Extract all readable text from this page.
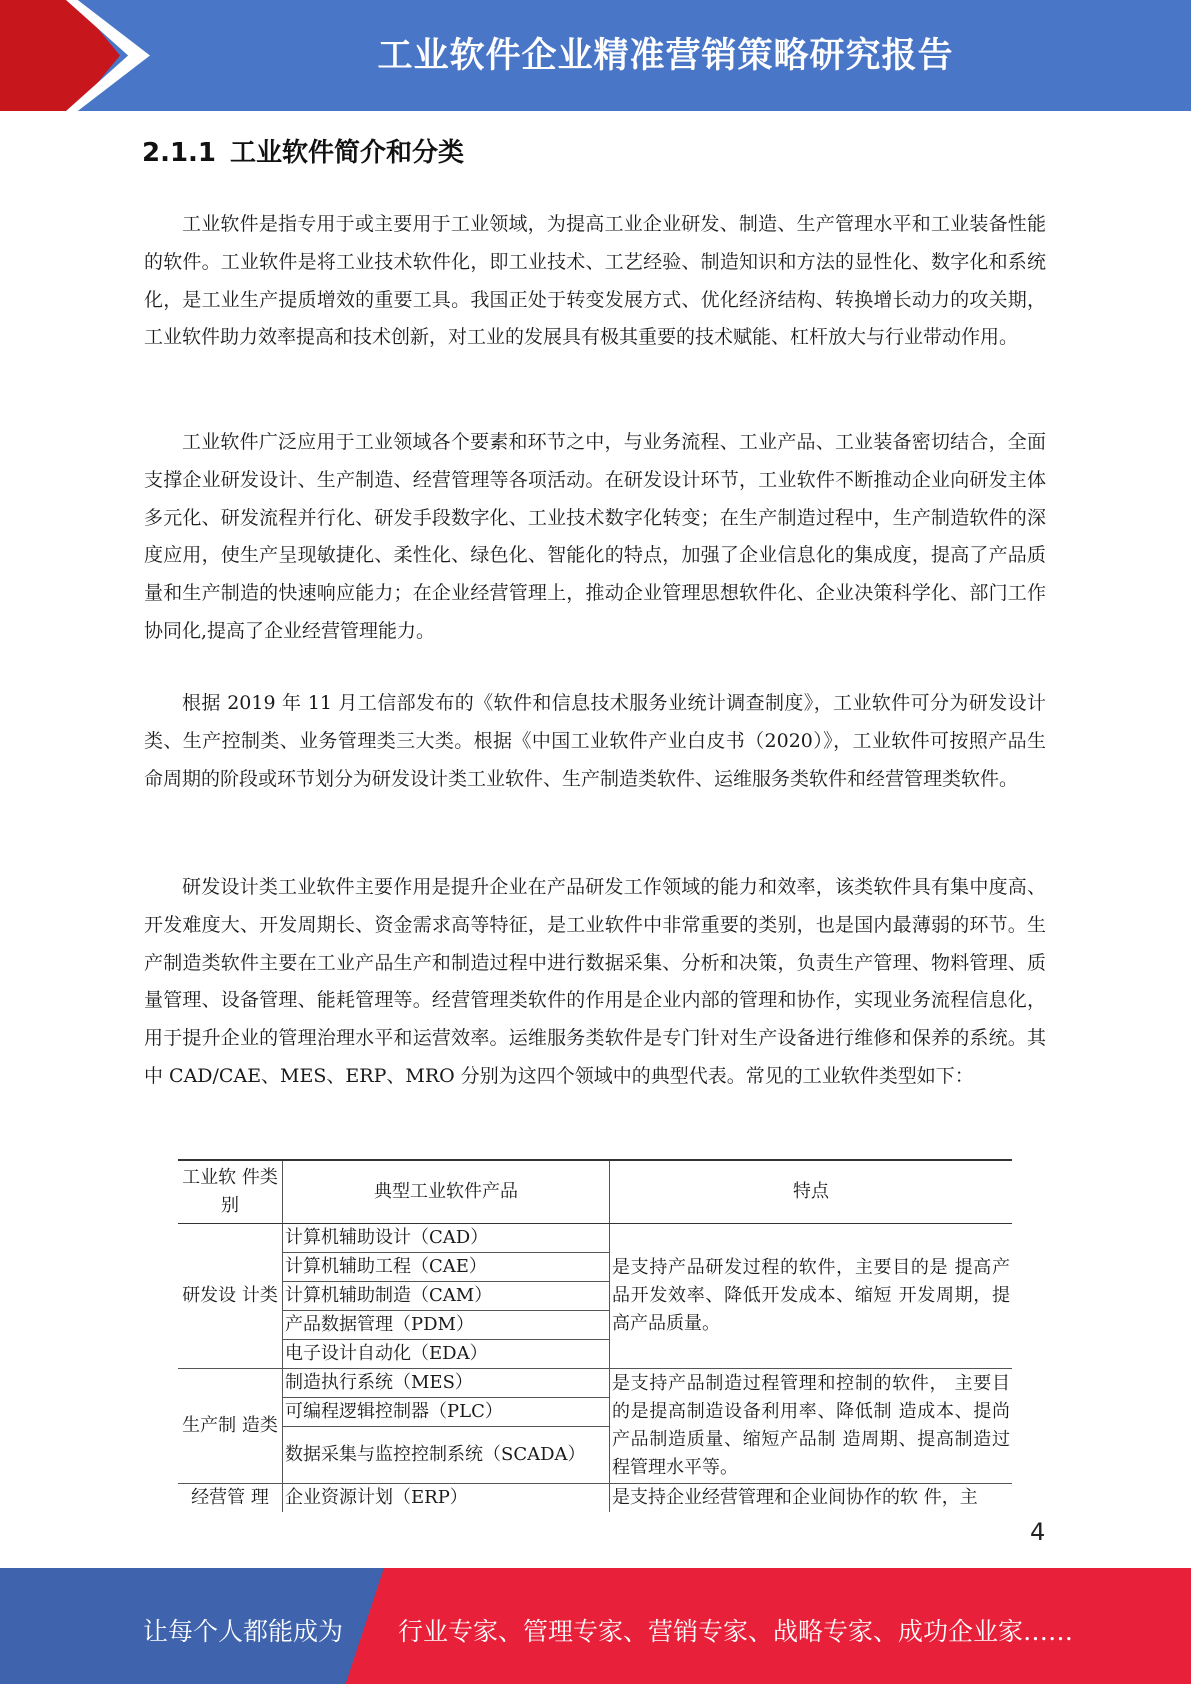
工业软件企业精准营销策略研究报告
2.1.1 工业软件简介和分类

工业软件是指专用于或主要用于工业领域，为提高工业企业研发、制造、生产管理水平和工业装备性能的软件。工业软件是将工业技术软件化，即工业技术、工艺经验、制造知识和方法的显性化、数字化和系统化，是工业生产提质增效的重要工具。我国正处于转变发展方式、优化经济结构、转换增长动力的攻关期，工业软件助力效率提高和技术创新，对工业的发展具有极其重要的技术赋能、杠杆放大与行业带动作用。

工业软件广泛应用于工业领域各个要素和环节之中，与业务流程、工业产品、工业装备密切结合，全面支撑企业研发设计、生产制造、经营管理等各项活动。在研发设计环节，工业软件不断推动企业向研发主体多元化、研发流程并行化、研发手段数字化、工业技术数字化转变；在生产制造过程中，生产制造软件的深度应用，使生产呈现敏捷化、柔性化、绿色化、智能化的特点，加强了企业信息化的集成度，提高了产品质量和生产制造的快速响应能力；在企业经营管理上，推动企业管理思想软件化、企业决策科学化、部门工作协同化,提高了企业经营管理能力。

根据 2019 年 11 月工信部发布的《软件和信息技术服务业统计调查制度》，工业软件可分为研发设计类、生产控制类、业务管理类三大类。根据《中国工业软件产业白皮书（2020）》，工业软件可按照产品生命周期的阶段或环节划分为研发设计类工业软件、生产制造类软件、运维服务类软件和经营管理类软件。

研发设计类工业软件主要作用是提升企业在产品研发工作领域的能力和效率，该类软件具有集中度高、开发难度大、开发周期长、资金需求高等特征，是工业软件中非常重要的类别，也是国内最薄弱的环节。生产制造类软件主要在工业产品生产和制造过程中进行数据采集、分析和决策，负责生产管理、物料管理、质量管理、设备管理、能耗管理等。经营管理类软件的作用是企业内部的管理和协作，实现业务流程信息化，用于提升企业的管理治理水平和运营效率。运维服务类软件是专门针对生产设备进行维修和保养的系统。其中 CAD/CAE、MES、ERP、MRO 分别为这四个领域中的典型代表。常见的工业软件类型如下：

工业软 件类别	典型工业软件产品	特点
研发设 计类	计算机辅助设计（CAD）	是支持产品研发过程的软件，主要目的是 提高产品开发效率、降低开发成本、缩短 开发周期，提高产品质量。
	计算机辅助工程（CAE）	
	计算机辅助制造（CAM）	
	产品数据管理（PDM）	
	电子设计自动化（EDA）	
生产制 造类	制造执行系统（MES）	是支持产品制造过程管理和控制的软件， 主要目的是提高制造设备利用率、降低制 造成本、提尚产品制造质量、缩短产品制 造周期、提高制造过程管理水平等。
	可编程逻辑控制器（PLC）	
	数据采集与监控控制系统（SCADA）	
经营管 理	企业资源计划（ERP）	是支持企业经营管理和企业间协作的软 件，主
4
让每个人都能成为 行业专家、管理专家、营销专家、战略专家、成功企业家……
